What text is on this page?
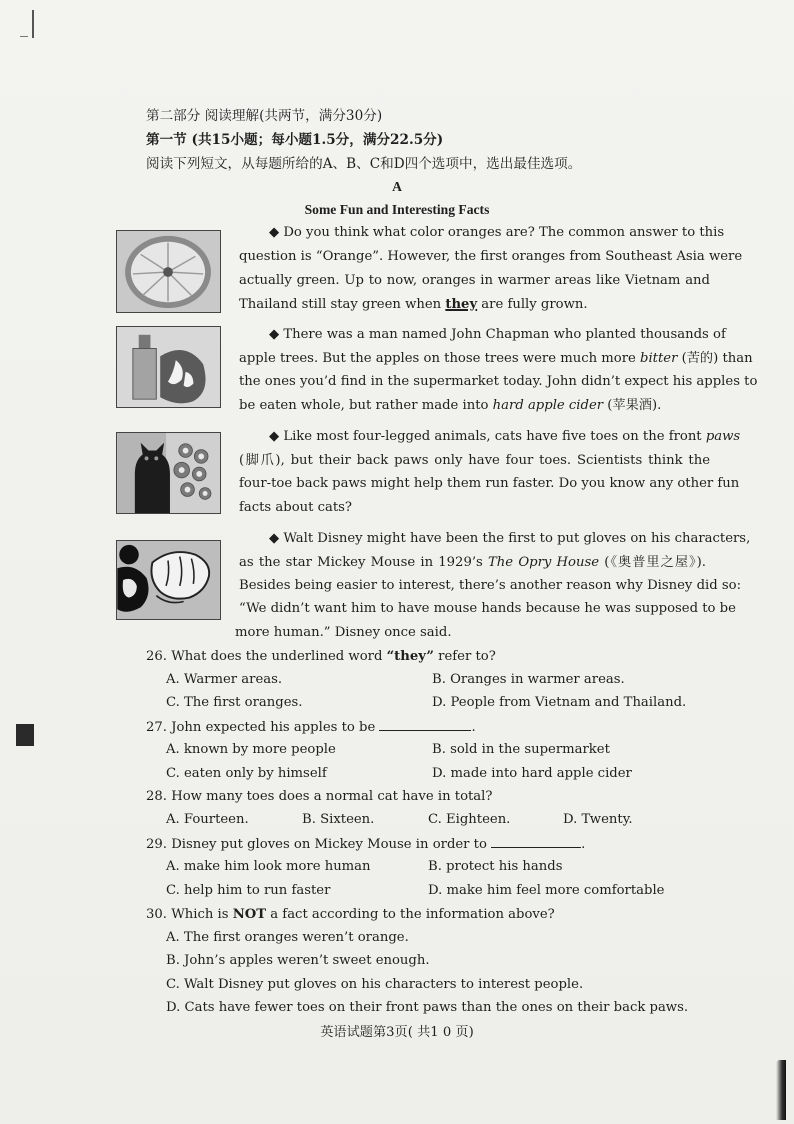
第二部分 阅读理解(共两节，满分30分)
第一节 (共15小题；每小题1.5分，满分22.5分)
阅读下列短文，从每题所给的A、B、C和D四个选项中，选出最佳选项。
A
Some Fun and Interesting Facts
◆ Do you think what color oranges are? The common answer to this
question is “Orange”. However, the first oranges from Southeast Asia were
actually green. Up to now, oranges in warmer areas like Vietnam and
Thailand still stay green when they are fully grown.
◆ There was a man named John Chapman who planted thousands of
apple trees. But the apples on those trees were much more bitter (苦的) than
the ones you’d find in the supermarket today. John didn’t expect his apples to
be eaten whole, but rather made into hard apple cider (苹果酒).
◆ Like most four-legged animals, cats have five toes on the front paws
(脚爪), but their back paws only have four toes. Scientists think the
four-toe back paws might help them run faster. Do you know any other fun
facts about cats?
◆ Walt Disney might have been the first to put gloves on his characters,
as the star Mickey Mouse in 1929’s The Opry House (《奥普里之屋》).
Besides being easier to interest, there’s another reason why Disney did so:
“We didn’t want him to have mouse hands because he was supposed to be
more human.” Disney once said.
26. What does the underlined word “they” refer to?
A. Warmer areas.	B. Oranges in warmer areas.
C. The first oranges.	D. People from Vietnam and Thailand.
27. John expected his apples to be	.
A. known by more people	B. sold in the supermarket
C. eaten only by himself	D. made into hard apple cider
28. How many toes does a normal cat have in total?
A. Fourteen.	B. Sixteen.	C. Eighteen.	D. Twenty.
29. Disney put gloves on Mickey Mouse in order to	.
A. make him look more human	B. protect his hands
C. help him to run faster	D. make him feel more comfortable
30. Which is NOT a fact according to the information above?
A. The first oranges weren’t orange.
B. John’s apples weren’t sweet enough.
C. Walt Disney put gloves on his characters to interest people.
D. Cats have fewer toes on their front paws than the ones on their back paws.
英语试题第3页( 共1 0 页)
